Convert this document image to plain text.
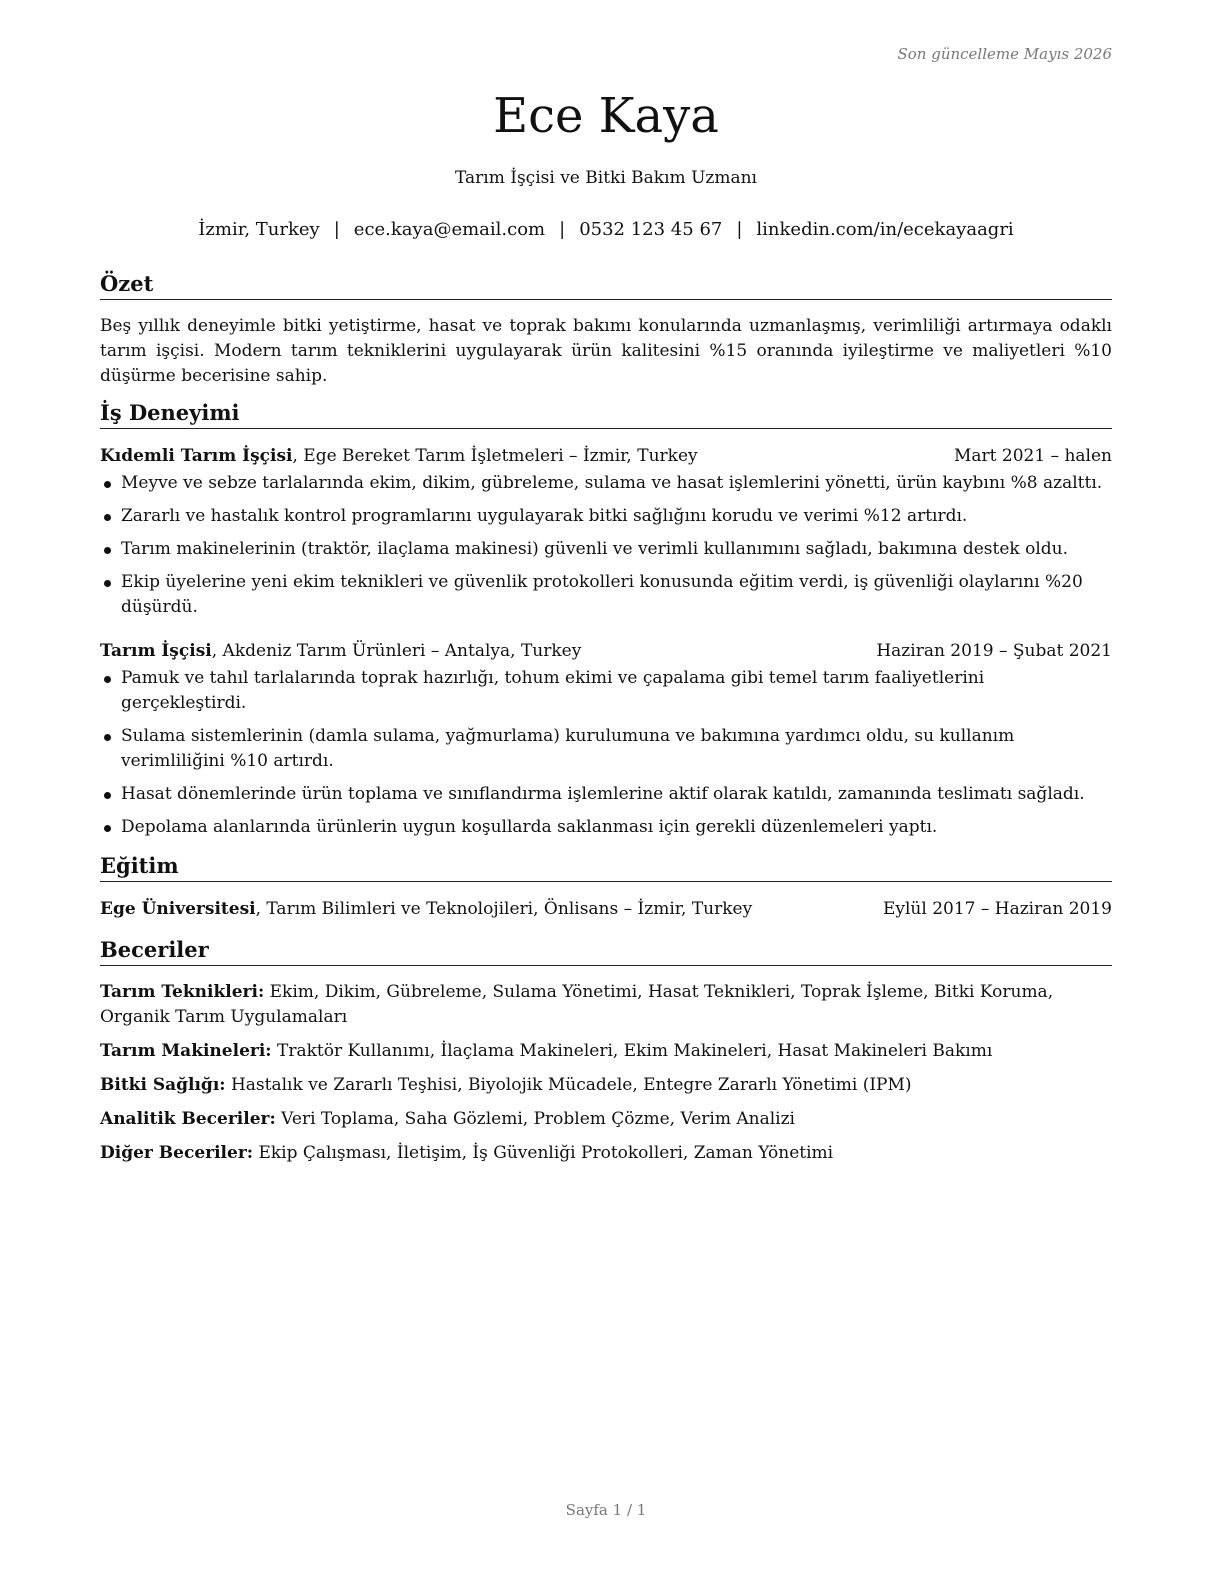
Son güncelleme Mayıs 2026
Ece Kaya
Tarım İşçisi ve Bitki Bakım Uzmanı
İzmir, Turkey | ece.kaya@email.com | 0532 123 45 67 | linkedin.com/in/ecekayaagri
Özet

Beş yıllık deneyimle bitki yetiştirme, hasat ve toprak bakımı konularında uzmanlaşmış, verimliliği artırmaya odaklı tarım işçisi. Modern tarım tekniklerini uygulayarak ürün kalitesini %15 oranında iyileştirme ve maliyetleri %10 düşürme becerisine sahip.

İş Deneyimi
Kıdemli Tarım İşçisi, Ege Bereket Tarım İşletmeleri – İzmir, Turkey	Mart 2021 – halen
Meyve ve sebze tarlalarında ekim, dikim, gübreleme, sulama ve hasat işlemlerini yönetti, ürün kaybını %8 azalttı.
Zararlı ve hastalık kontrol programlarını uygulayarak bitki sağlığını korudu ve verimi %12 artırdı.
Tarım makinelerinin (traktör, ilaçlama makinesi) güvenli ve verimli kullanımını sağladı, bakımına destek oldu.
Ekip üyelerine yeni ekim teknikleri ve güvenlik protokolleri konusunda eğitim verdi, iş güvenliği olaylarını %20 düşürdü.
Tarım İşçisi, Akdeniz Tarım Ürünleri – Antalya, Turkey	Haziran 2019 – Şubat 2021
Pamuk ve tahıl tarlalarında toprak hazırlığı, tohum ekimi ve çapalama gibi temel tarım faaliyetlerini gerçekleştirdi.
Sulama sistemlerinin (damla sulama, yağmurlama) kurulumuna ve bakımına yardımcı oldu, su kullanım verimliliğini %10 artırdı.
Hasat dönemlerinde ürün toplama ve sınıflandırma işlemlerine aktif olarak katıldı, zamanında teslimatı sağladı.
Depolama alanlarında ürünlerin uygun koşullarda saklanması için gerekli düzenlemeleri yaptı.
Eğitim
Ege Üniversitesi, Tarım Bilimleri ve Teknolojileri, Önlisans – İzmir, Turkey	Eylül 2017 – Haziran 2019
Beceriler
Tarım Teknikleri: Ekim, Dikim, Gübreleme, Sulama Yönetimi, Hasat Teknikleri, Toprak İşleme, Bitki Koruma, Organik Tarım Uygulamaları
Tarım Makineleri: Traktör Kullanımı, İlaçlama Makineleri, Ekim Makineleri, Hasat Makineleri Bakımı
Bitki Sağlığı: Hastalık ve Zararlı Teşhisi, Biyolojik Mücadele, Entegre Zararlı Yönetimi (IPM)
Analitik Beceriler: Veri Toplama, Saha Gözlemi, Problem Çözme, Verim Analizi
Diğer Beceriler: Ekip Çalışması, İletişim, İş Güvenliği Protokolleri, Zaman Yönetimi
Sayfa 1 / 1
